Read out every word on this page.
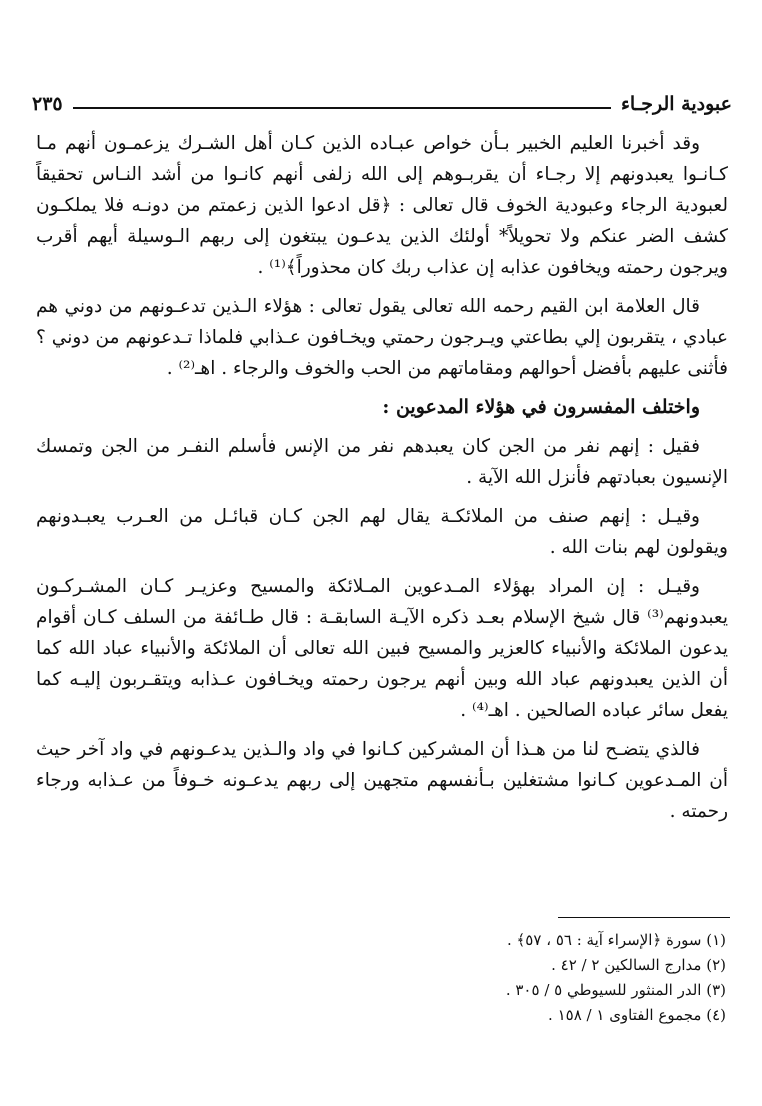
عبودية الرجـاء
٢٣٥

وقد أخبرنا العليم الخبير بـأن خواص عبـاده الذين كـان أهل الشـرك يزعمـون أنهم مـا كـانـوا يعبدونهم إلا رجـاء أن يقربـوهم إلى الله زلفى أنهم كانـوا من أشد النـاس تحقيقاً لعبودية الرجاء وعبودية الخوف قال تعالى : ﴿قل ادعوا الذين زعمتم من دونـه فلا يملكـون كشف الضر عنكم ولا تحويلاً* أولئك الذين يدعـون يبتغون إلى ربهم الـوسيلة أيهم أقرب ويرجون رحمته ويخافون عذابه إن عذاب ربك كان محذوراً﴾⁽¹⁾ .

قال العلامة ابن القيم رحمه الله تعالى يقول تعالى : هؤلاء الـذين تدعـونهم من دوني هم عبادي ، يتقربون إلي بطاعتي ويـرجون رحمتي ويخـافون عـذابي فلماذا تـدعونهم من دوني ؟ فأثنى عليهم بأفضل أحوالهم ومقاماتهم من الحب والخوف والرجاء . اهـ⁽²⁾ .

واختلف المفسرون في هؤلاء المدعوين :

فقيل : إنهم نفر من الجن كان يعبدهم نفر من الإنس فأسلم النفـر من الجن وتمسك الإنسيون بعبادتهم فأنزل الله الآية .

وقيـل : إنهم صنف من الملائكـة يقال لهم الجن كـان قبائـل من العـرب يعبـدونهم ويقولون لهم بنات الله .

وقيـل : إن المراد بهؤلاء المـدعوين المـلائكة والمسيح وعزيـر كـان المشـركـون يعبدونهم⁽³⁾ قال شيخ الإسلام بعـد ذكره الآيـة السابقـة : قال طـائفة من السلف كـان أقوام يدعون الملائكة والأنبياء كالعزير والمسيح فبين الله تعالى أن الملائكة والأنبياء عباد الله كما أن الذين يعبدونهم عباد الله وبين أنهم يرجون رحمته ويخـافون عـذابه ويتقـربون إليـه كما يفعل سائر عباده الصالحين . اهـ⁽⁴⁾ .

فالذي يتضـح لنا من هـذا أن المشركين كـانوا في واد والـذين يدعـونهم في واد آخر حيث أن المـدعوين كـانوا مشتغلين بـأنفسهم متجهين إلى ربهم يدعـونه خـوفاً من عـذابه ورجاء رحمته .

(١) سورة ﴿الإسراء آية : ٥٦ ، ٥٧﴾ .
(٢) مدارج السالكين ٢ / ٤٢ .
(٣) الدر المنثور للسيوطي ٥ / ٣٠٥ .
(٤) مجموع الفتاوى ١ / ١٥٨ .
